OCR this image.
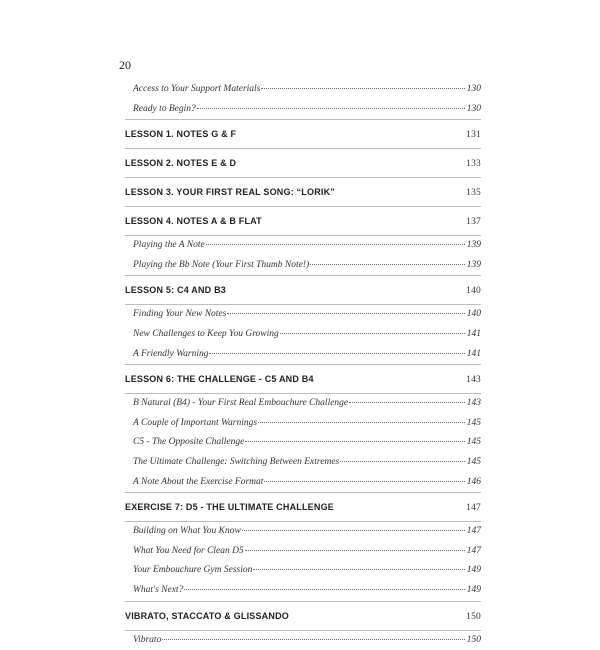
20
Access to Your Support Materials	130
Ready to Begin?	130
LESSON 1. NOTES G & F	131
LESSON 2. NOTES E & D	133
LESSON 3. YOUR FIRST REAL SONG: “LORIK”	135
LESSON 4. NOTES A & B FLAT	137
Playing the A Note	139
Playing the Bb Note (Your First Thumb Note!)	139
LESSON 5: C4 AND B3	140
Finding Your New Notes	140
New Challenges to Keep You Growing	141
A Friendly Warning	141
LESSON 6: THE CHALLENGE - C5 AND B4	143
B Natural (B4) - Your First Real Embouchure Challenge	143
A Couple of Important Warnings	145
C5 - The Opposite Challenge	145
The Ultimate Challenge: Switching Between Extremes	145
A Note About the Exercise Format	146
EXERCISE 7: D5 - THE ULTIMATE CHALLENGE	147
Building on What You Know	147
What You Need for Clean D5	147
Your Embouchure Gym Session	149
What's Next?	149
VIBRATO, STACCATO & GLISSANDO	150
Vibrato	150
